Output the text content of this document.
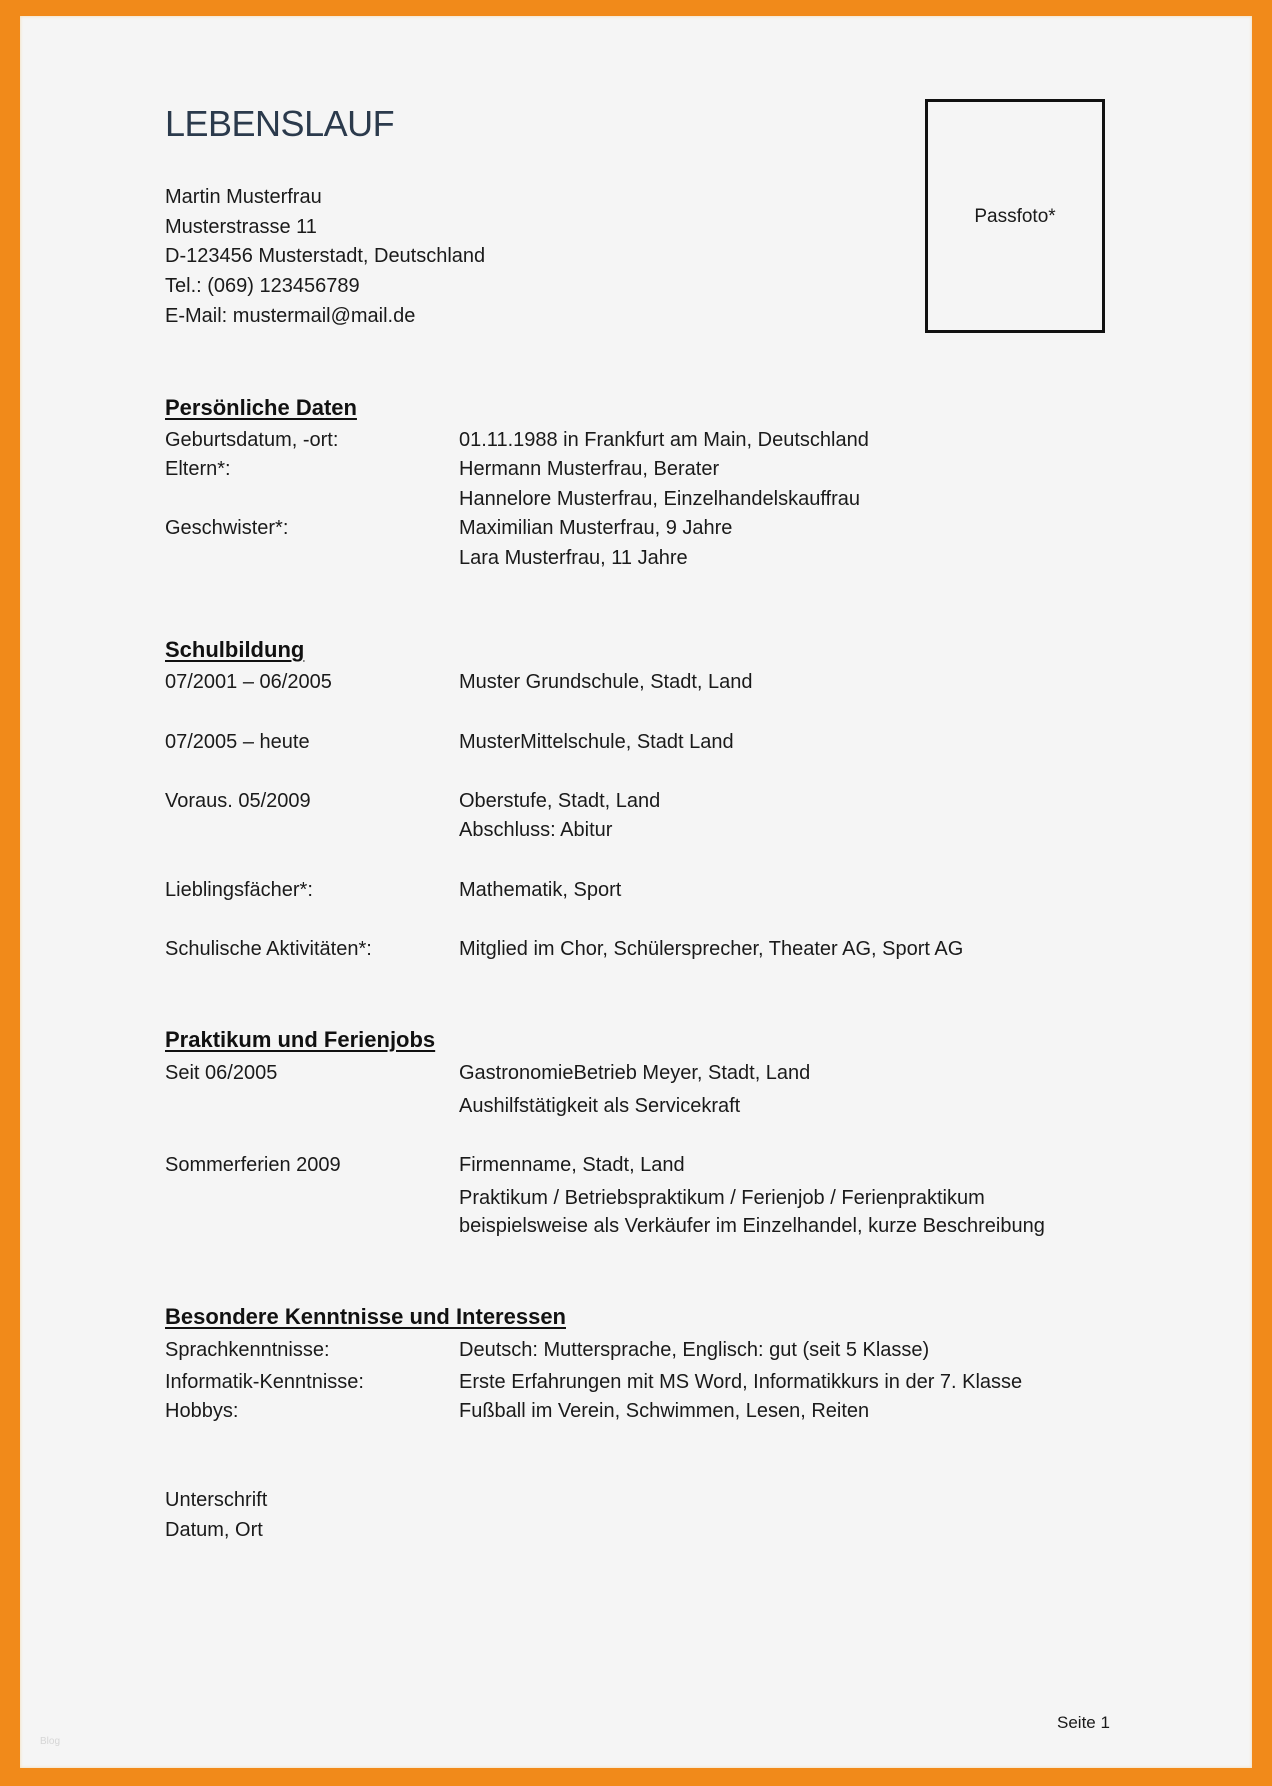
LEBENSLAUF
Martin Musterfrau
Musterstrasse 11
D-123456 Musterstadt, Deutschland
Tel.: (069) 123456789
E-Mail: mustermail@mail.de
Passfoto*
Persönliche Daten
Geburtsdatum, -ort:	01.11.1988 in Frankfurt am Main, Deutschland
Eltern*:	Hermann Musterfrau, Berater
Hannelore Musterfrau, Einzelhandelskauffrau
Geschwister*:	Maximilian Musterfrau, 9 Jahre
Lara Musterfrau, 11 Jahre
Schulbildung
07/2001 – 06/2005	Muster Grundschule, Stadt, Land
07/2005 – heute	MusterMittelschule, Stadt Land
Voraus. 05/2009	Oberstufe, Stadt, Land
Abschluss: Abitur
Lieblingsfächer*:	Mathematik, Sport
Schulische Aktivitäten*:	Mitglied im Chor, Schülersprecher, Theater AG, Sport AG
Praktikum und Ferienjobs
Seit 06/2005	GastronomieBetrieb Meyer, Stadt, Land
Aushilfstätigkeit als Servicekraft
Sommerferien 2009	Firmenname, Stadt, Land
Praktikum / Betriebspraktikum / Ferienjob / Ferienpraktikum
beispielsweise als Verkäufer im Einzelhandel, kurze Beschreibung
Besondere Kenntnisse und Interessen
Sprachkenntnisse:	Deutsch: Muttersprache, Englisch: gut (seit 5 Klasse)
Informatik-Kenntnisse:	Erste Erfahrungen mit MS Word, Informatikkurs in der 7. Klasse
Hobbys:	Fußball im Verein, Schwimmen, Lesen, Reiten
Unterschrift
Datum, Ort
Seite 1
Blog
